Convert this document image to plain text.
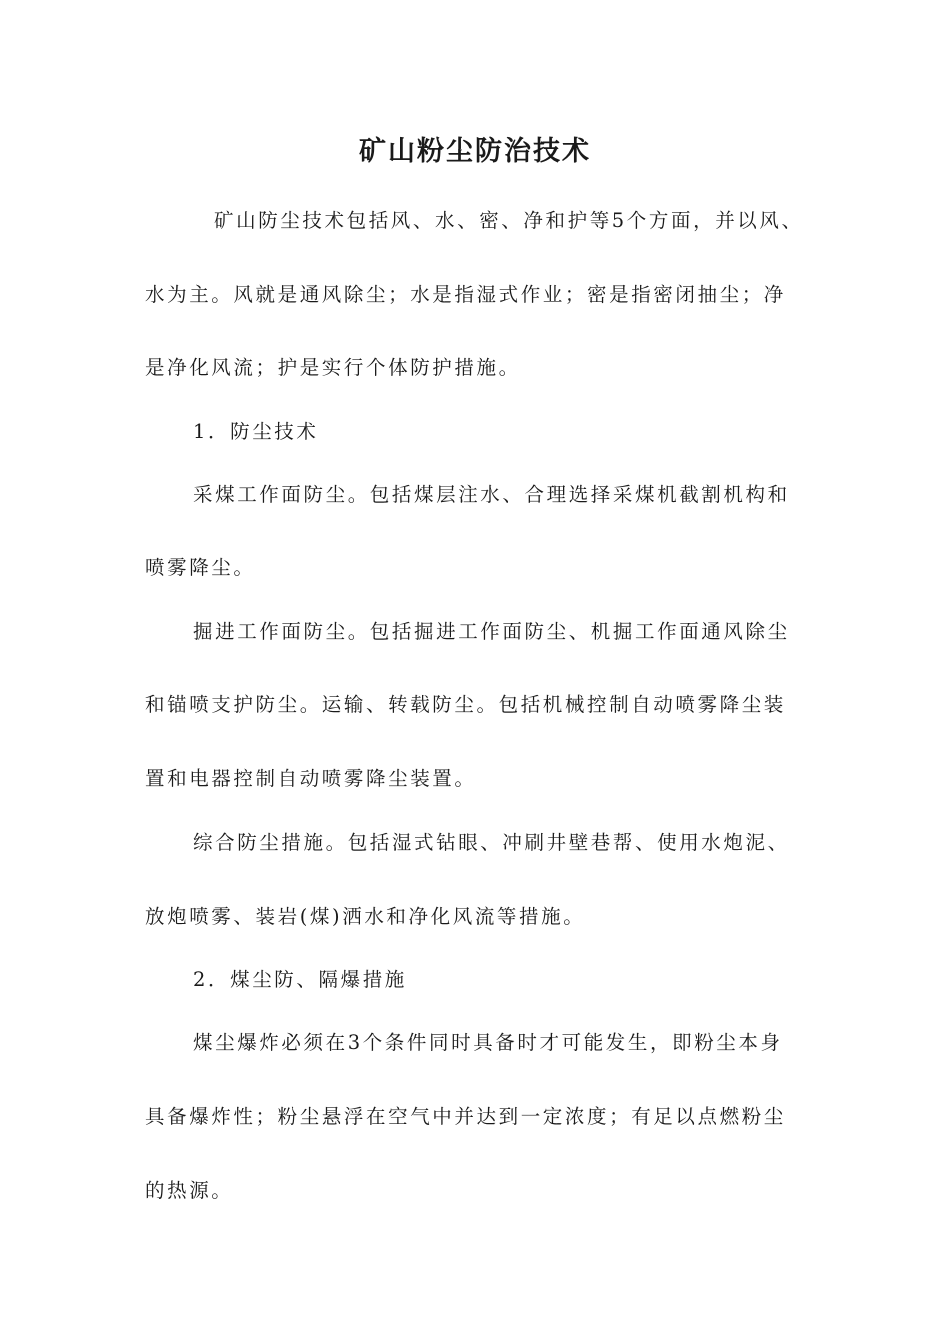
矿山粉尘防治技术
矿山防尘技术包括风、水、密、净和护等5个方面，并以风、
水为主。风就是通风除尘；水是指湿式作业；密是指密闭抽尘；净
是净化风流；护是实行个体防护措施。
1．防尘技术
采煤工作面防尘。包括煤层注水、合理选择采煤机截割机构和
喷雾降尘。
掘进工作面防尘。包括掘进工作面防尘、机掘工作面通风除尘
和锚喷支护防尘。运输、转载防尘。包括机械控制自动喷雾降尘装
置和电器控制自动喷雾降尘装置。
综合防尘措施。包括湿式钻眼、冲刷井壁巷帮、使用水炮泥、
放炮喷雾、装岩(煤)洒水和净化风流等措施。
2．煤尘防、隔爆措施
煤尘爆炸必须在3个条件同时具备时才可能发生，即粉尘本身
具备爆炸性；粉尘悬浮在空气中并达到一定浓度；有足以点燃粉尘
的热源。
